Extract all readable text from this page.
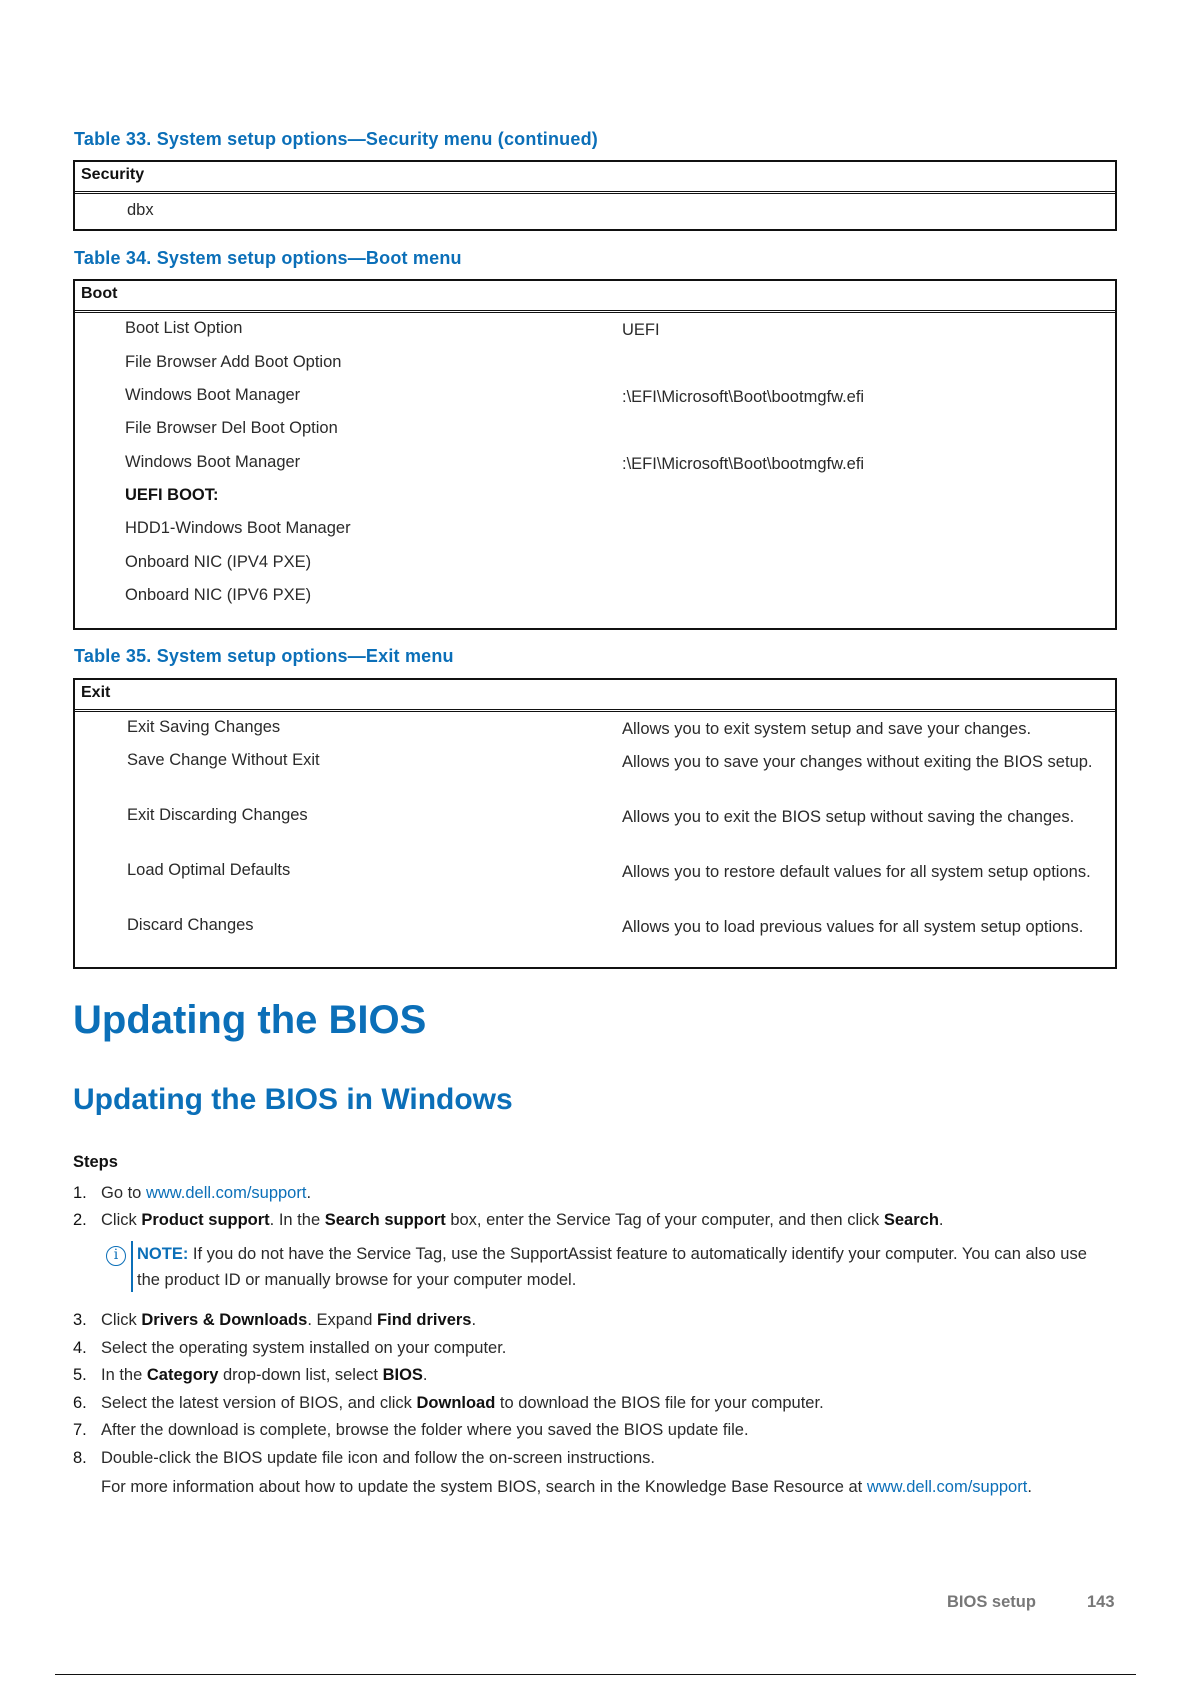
Table 33. System setup options—Security menu (continued)
Security
dbx
Table 34. System setup options—Boot menu
Boot
Boot List Option	UEFI
File Browser Add Boot Option
Windows Boot Manager	:\EFI\Microsoft\Boot\bootmgfw.efi
File Browser Del Boot Option
Windows Boot Manager	:\EFI\Microsoft\Boot\bootmgfw.efi
UEFI BOOT:
HDD1-Windows Boot Manager
Onboard NIC (IPV4 PXE)
Onboard NIC (IPV6 PXE)
Table 35. System setup options—Exit menu
Exit
Exit Saving Changes	Allows you to exit system setup and save your changes.
Save Change Without Exit	Allows you to save your changes without exiting the BIOS setup.
Exit Discarding Changes	Allows you to exit the BIOS setup without saving the changes.
Load Optimal Defaults	Allows you to restore default values for all system setup options.
Discard Changes	Allows you to load previous values for all system setup options.
Updating the BIOS
Updating the BIOS in Windows
Steps
1. Go to www.dell.com/support.
2. Click Product support. In the Search support box, enter the Service Tag of your computer, and then click Search.
i	NOTE: If you do not have the Service Tag, use the SupportAssist feature to automatically identify your computer. You can also use the product ID or manually browse for your computer model.
3. Click Drivers & Downloads. Expand Find drivers.
4. Select the operating system installed on your computer.
5. In the Category drop-down list, select BIOS.
6. Select the latest version of BIOS, and click Download to download the BIOS file for your computer.
7. After the download is complete, browse the folder where you saved the BIOS update file.
8. Double-click the BIOS update file icon and follow the on-screen instructions.
For more information about how to update the system BIOS, search in the Knowledge Base Resource at www.dell.com/support.
BIOS setup	143
